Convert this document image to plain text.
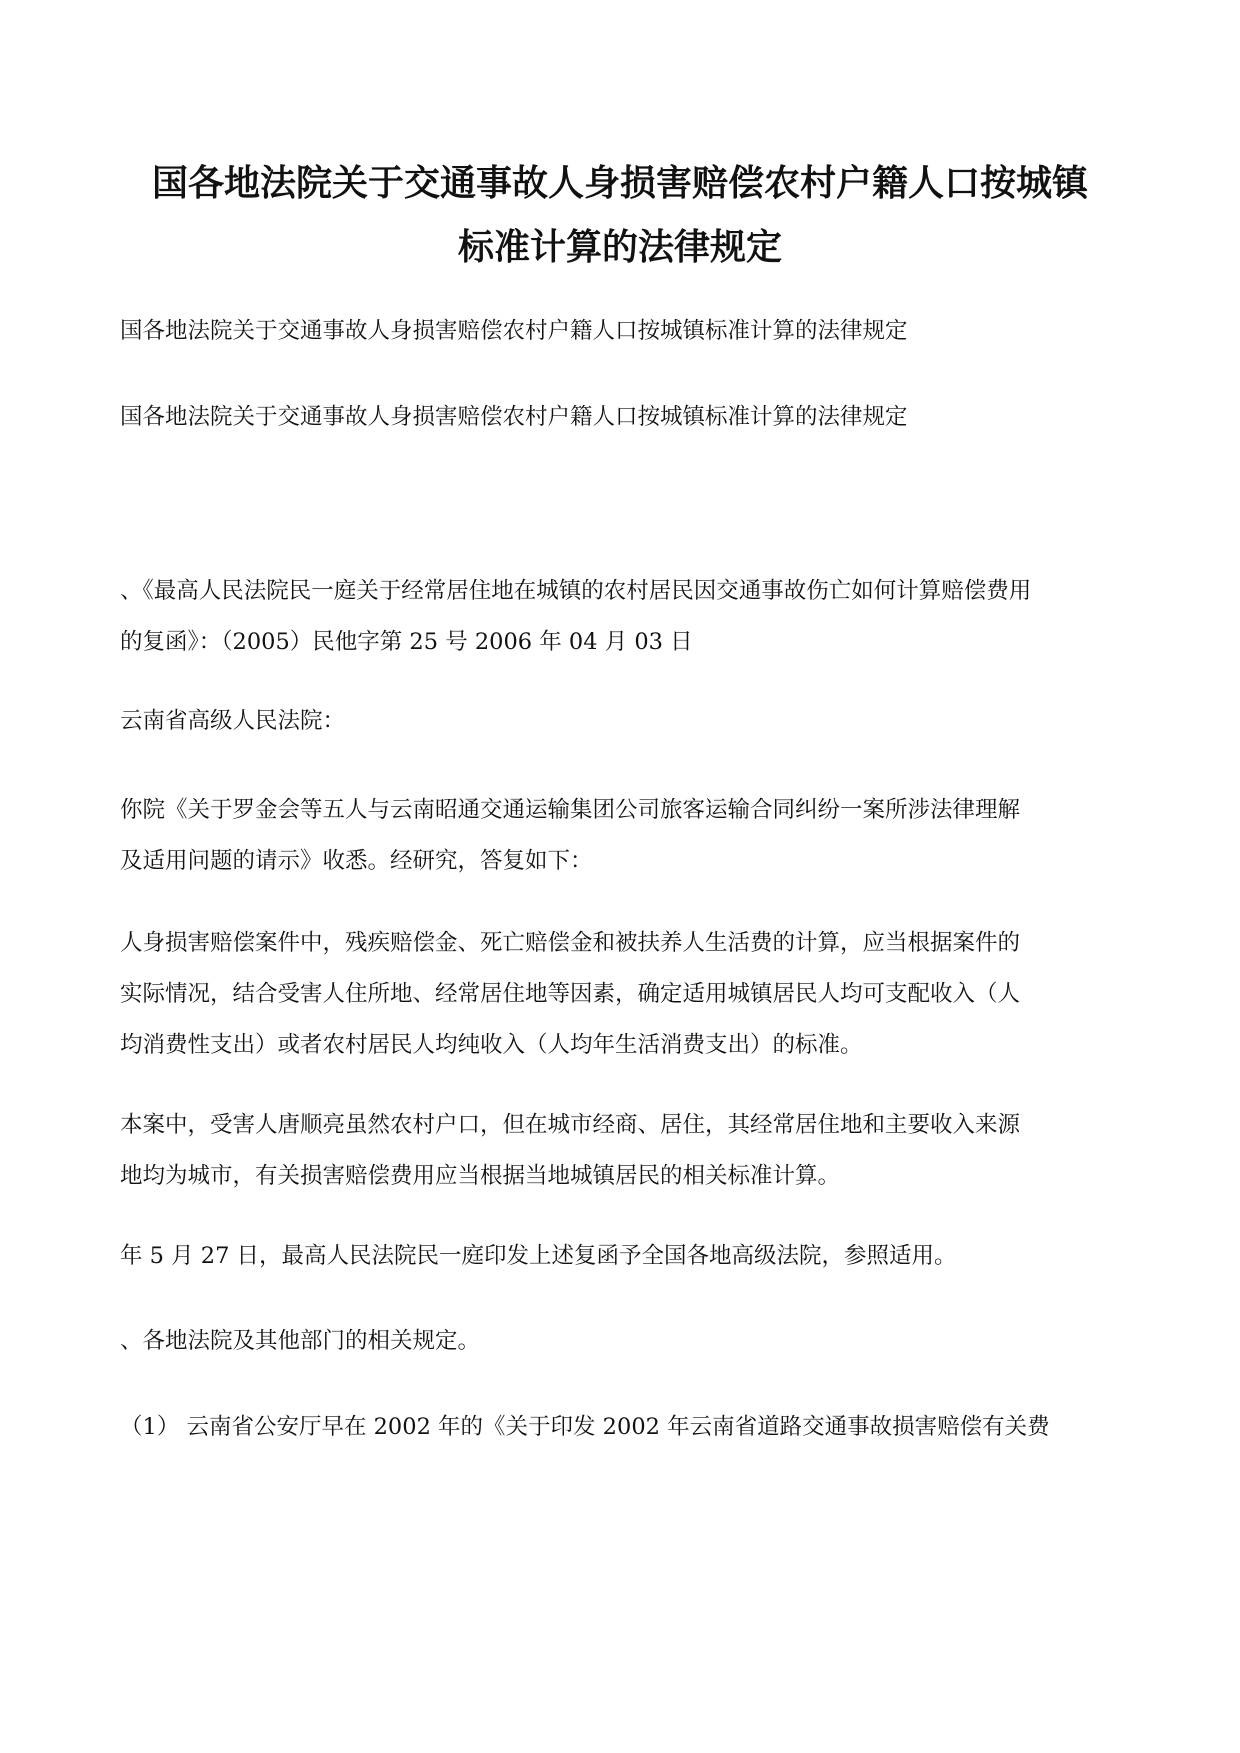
国各地法院关于交通事故人身损害赔偿农村户籍人口按城镇
标准计算的法律规定

国各地法院关于交通事故人身损害赔偿农村户籍人口按城镇标准计算的法律规定

国各地法院关于交通事故人身损害赔偿农村户籍人口按城镇标准计算的法律规定

、《最高人民法院民一庭关于经常居住地在城镇的农村居民因交通事故伤亡如何计算赔偿费用
的复函》：（2005）民他字第 25 号 2006 年 04 月 03 日

云南省高级人民法院：

你院《关于罗金会等五人与云南昭通交通运输集团公司旅客运输合同纠纷一案所涉法律理解
及适用问题的请示》收悉。经研究，答复如下：

人身损害赔偿案件中，残疾赔偿金、死亡赔偿金和被扶养人生活费的计算，应当根据案件的
实际情况，结合受害人住所地、经常居住地等因素，确定适用城镇居民人均可支配收入（人
均消费性支出）或者农村居民人均纯收入（人均年生活消费支出）的标准。

本案中，受害人唐顺亮虽然农村户口，但在城市经商、居住，其经常居住地和主要收入来源
地均为城市，有关损害赔偿费用应当根据当地城镇居民的相关标准计算。

年 5 月 27 日，最高人民法院民一庭印发上述复函予全国各地高级法院，参照适用。

、各地法院及其他部门的相关规定。

（1） 云南省公安厅早在 2002 年的《关于印发 2002 年云南省道路交通事故损害赔偿有关费
